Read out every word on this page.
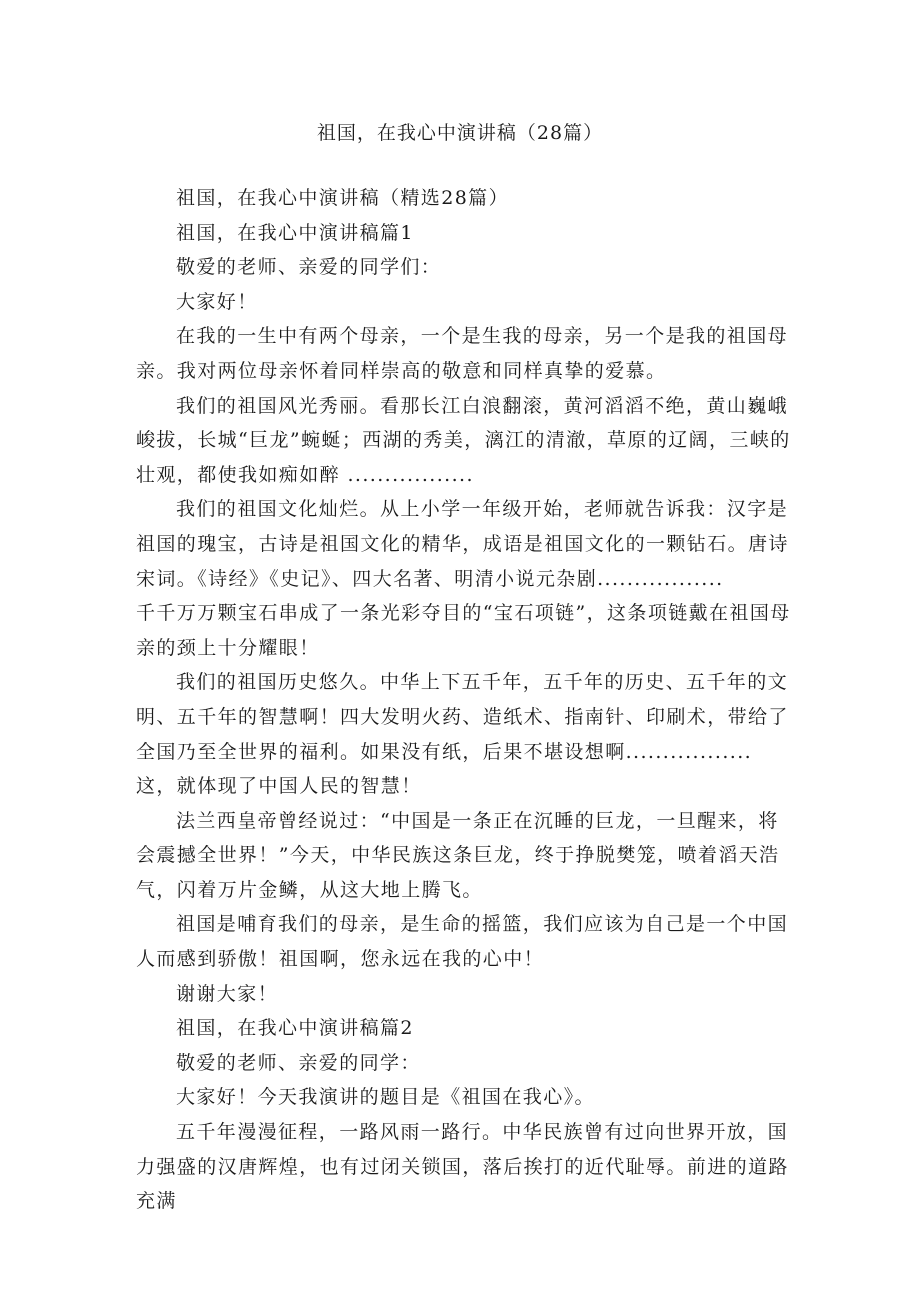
祖国，在我心中演讲稿（28篇）

祖国，在我心中演讲稿（精选28篇）

祖国，在我心中演讲稿篇1

敬爱的老师、亲爱的同学们：

大家好！

在我的一生中有两个母亲，一个是生我的母亲，另一个是我的祖国母亲。我对两位母亲怀着同样崇高的敬意和同样真挚的爱慕。

我们的祖国风光秀丽。看那长江白浪翻滚，黄河滔滔不绝，黄山巍峨峻拔，长城“巨龙”蜿蜒；西湖的秀美，漓江的清澈，草原的辽阔，三峡的壮观，都使我如痴如醉 .................

我们的祖国文化灿烂。从上小学一年级开始，老师就告诉我：汉字是祖国的瑰宝，古诗是祖国文化的精华，成语是祖国文化的一颗钻石。唐诗宋词。《诗经》《史记》、四大名著、明清小说元杂剧.................

千千万万颗宝石串成了一条光彩夺目的“宝石项链”，这条项链戴在祖国母亲的颈上十分耀眼！

我们的祖国历史悠久。中华上下五千年，五千年的历史、五千年的文明、五千年的智慧啊！四大发明火药、造纸术、指南针、印刷术，带给了全国乃至全世界的福利。如果没有纸，后果不堪设想啊.................

这，就体现了中国人民的智慧！

法兰西皇帝曾经说过：“中国是一条正在沉睡的巨龙，一旦醒来，将会震撼全世界！”今天，中华民族这条巨龙，终于挣脱樊笼，喷着滔天浩气，闪着万片金鳞，从这大地上腾飞。

祖国是哺育我们的母亲，是生命的摇篮，我们应该为自己是一个中国人而感到骄傲！祖国啊，您永远在我的心中！

谢谢大家！

祖国，在我心中演讲稿篇2

敬爱的老师、亲爱的同学：

大家好！今天我演讲的题目是《祖国在我心》。

五千年漫漫征程，一路风雨一路行。中华民族曾有过向世界开放，国力强盛的汉唐辉煌，也有过闭关锁国，落后挨打的近代耻辱。前进的道路充满
